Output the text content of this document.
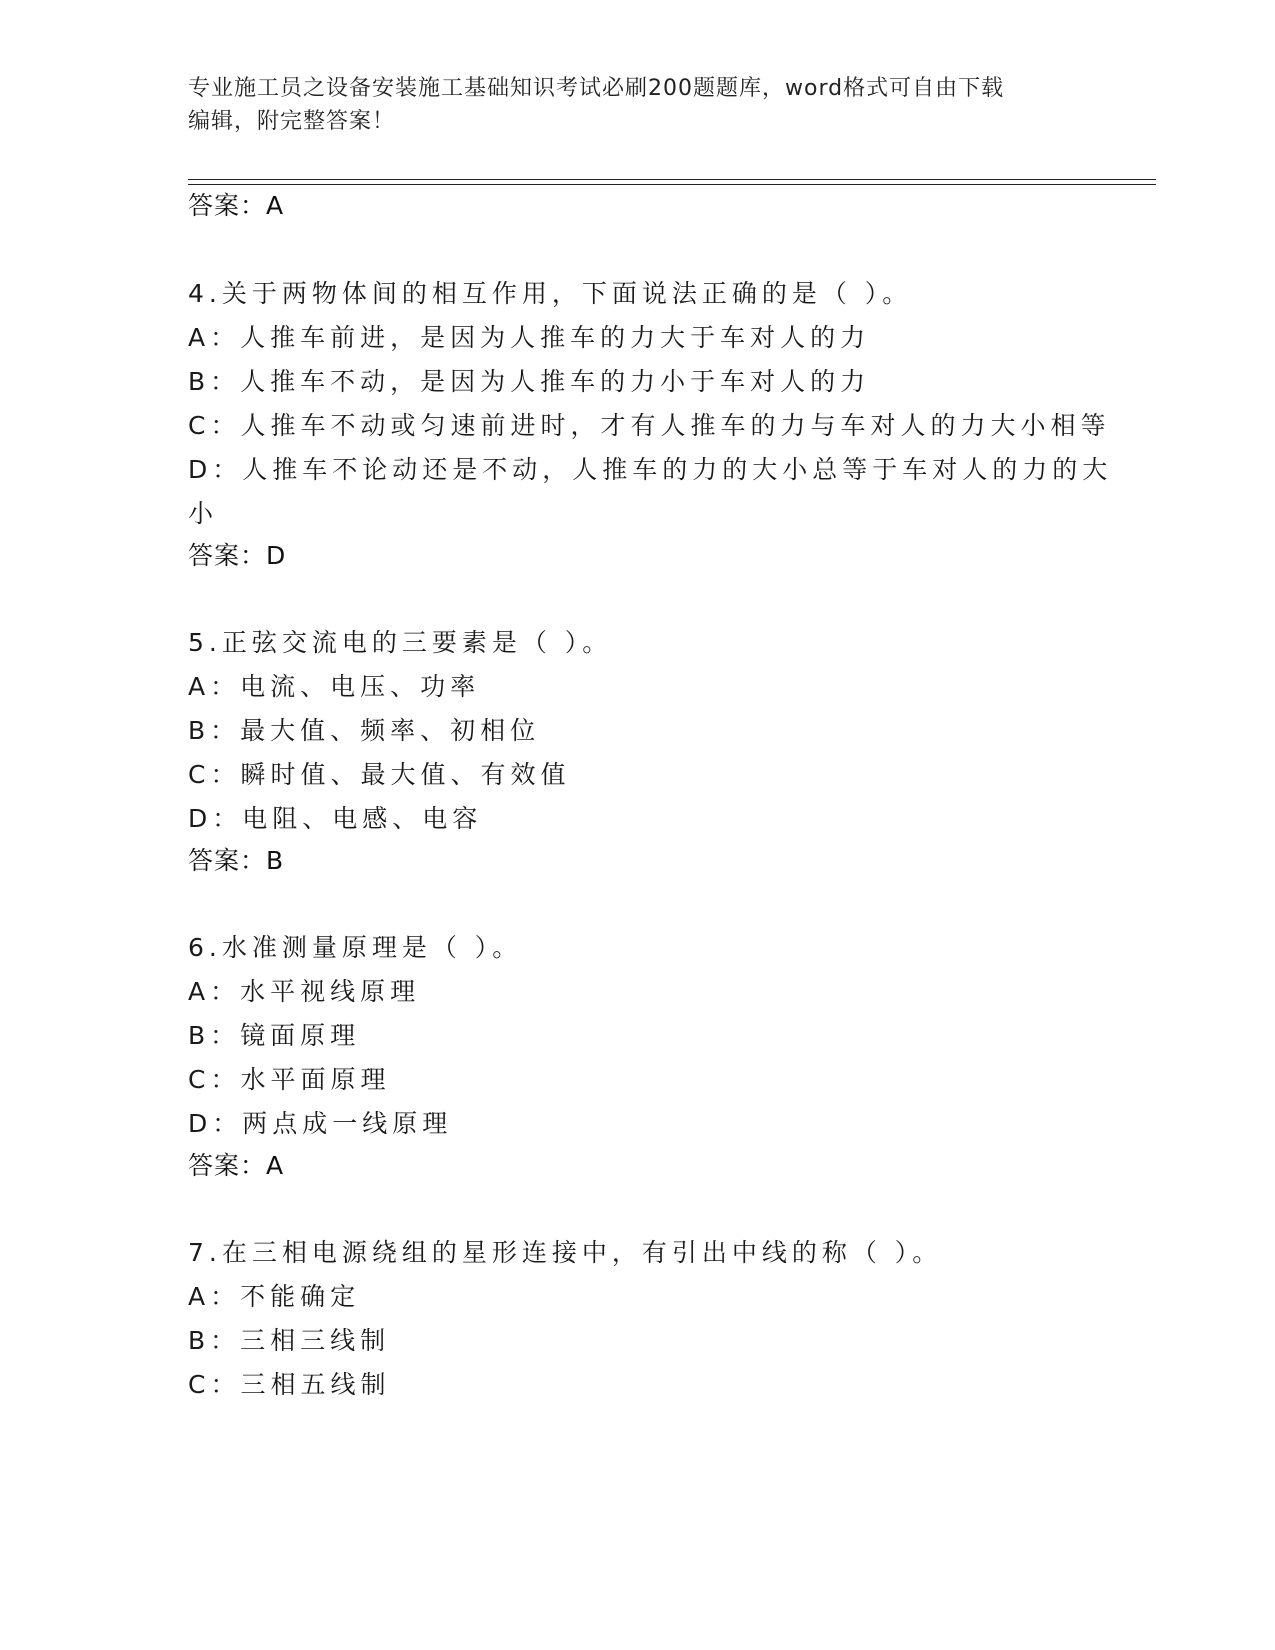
专业施工员之设备安装施工基础知识考试必刷200题题库，word格式可自由下载
编辑，附完整答案！
答案：A
4.关于两物体间的相互作用，下面说法正确的是（ ）。
A：人推车前进，是因为人推车的力大于车对人的力
B：人推车不动，是因为人推车的力小于车对人的力
C：人推车不动或匀速前进时，才有人推车的力与车对人的力大小相等
D：人推车不论动还是不动，人推车的力的大小总等于车对人的力的大
小
答案：D
5.正弦交流电的三要素是（ ）。
A：电流、电压、功率
B：最大值、频率、初相位
C：瞬时值、最大值、有效值
D：电阻、电感、电容
答案：B
6.水准测量原理是（ ）。
A：水平视线原理
B：镜面原理
C：水平面原理
D：两点成一线原理
答案：A
7.在三相电源绕组的星形连接中，有引出中线的称（ ）。
A：不能确定
B：三相三线制
C：三相五线制
